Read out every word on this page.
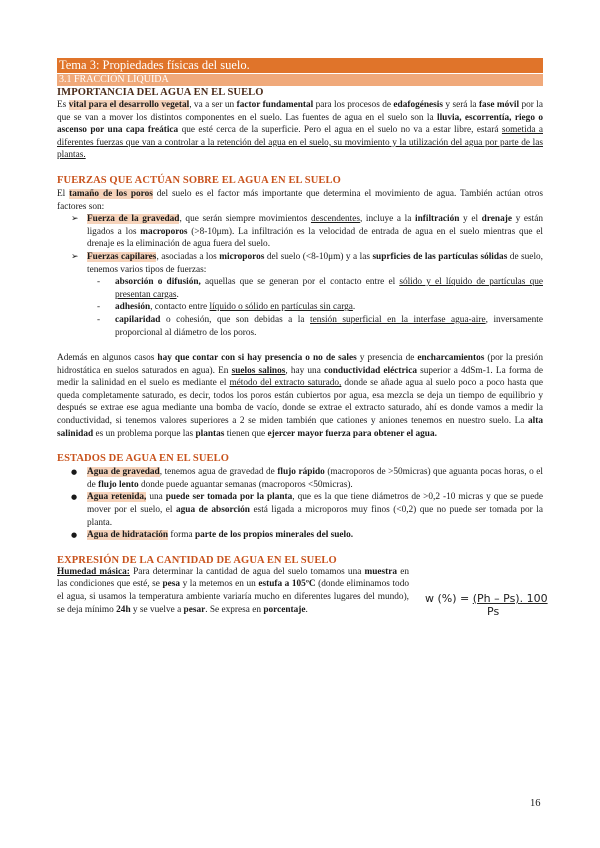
Tema 3: Propiedades físicas del suelo.
3.1 FRACCIÓN LÍQUIDA
IMPORTANCIA DEL AGUA EN EL SUELO

Es vital para el desarrollo vegetal, va a ser un factor fundamental para los procesos de edafogénesis y será la fase móvil por la que se van a mover los distintos componentes en el suelo. Las fuentes de agua en el suelo son la lluvia, escorrentía, riego o ascenso por una capa freática que esté cerca de la superficie. Pero el agua en el suelo no va a estar libre, estará sometida a diferentes fuerzas que van a controlar a la retención del agua en el suelo, su movimiento y la utilización del agua por parte de las plantas.

FUERZAS QUE ACTÚAN SOBRE EL AGUA EN EL SUELO

El tamaño de los poros del suelo es el factor más importante que determina el movimiento de agua. También actúan otros factores son:

➢ Fuerza de la gravedad, que serán siempre movimientos descendentes, incluye a la infiltración y el drenaje y están ligados a los macroporos (>8-10μm). La infiltración es la velocidad de entrada de agua en el suelo mientras que el drenaje es la eliminación de agua fuera del suelo.
➢ Fuerzas capilares, asociadas a los microporos del suelo (<8-10μm) y a las suprficies de las partículas sólidas de suelo, tenemos varios tipos de fuerzas:
- absorción o difusión, aquellas que se generan por el contacto entre el sólido y el líquido de partículas que presentan cargas.
- adhesión, contacto entre líquido o sólido en partículas sin carga.
- capilaridad o cohesión, que son debidas a la tensión superficial en la interfase agua-aire, inversamente proporcional al diámetro de los poros.

Además en algunos casos hay que contar con si hay presencia o no de sales y presencia de encharcamientos (por la presión hidrostática en suelos saturados en agua). En suelos salinos, hay una conductividad eléctrica superior a 4dSm-1. La forma de medir la salinidad en el suelo es mediante el método del extracto saturado, donde se añade agua al suelo poco a poco hasta que queda completamente saturado, es decir, todos los poros están cubiertos por agua, esa mezcla se deja un tiempo de equilibrio y después se extrae ese agua mediante una bomba de vacío, donde se extrae el extracto saturado, ahí es donde vamos a medir la conductividad, si tenemos valores superiores a 2 se miden también que cationes y aniones tenemos en nuestro suelo. La alta salinidad es un problema porque las plantas tienen que ejercer mayor fuerza para obtener el agua.

ESTADOS DE AGUA EN EL SUELO
● Agua de gravedad, tenemos agua de gravedad de flujo rápido (macroporos de >50micras) que aguanta pocas horas, o el de flujo lento donde puede aguantar semanas (macroporos <50micras).
● Agua retenida, una puede ser tomada por la planta, que es la que tiene diámetros de >0,2 -10 micras y que se puede mover por el suelo, el agua de absorción está ligada a microporos muy finos (<0,2) que no puede ser tomada por la planta.
● Agua de hidratación forma parte de los propios minerales del suelo.
EXPRESIÓN DE LA CANTIDAD DE AGUA EN EL SUELO

Humedad másica: Para determinar la cantidad de agua del suelo tomamos una muestra en las condiciones que esté, se pesa y la metemos en un estufa a 105ºC (donde eliminamos todo el agua, si usamos la temperatura ambiente variaría mucho en diferentes lugares del mundo), se deja mínimo 24h y se vuelve a pesar. Se expresa en porcentaje.

w (%) = (Ph – Ps). 100
Ps
16
